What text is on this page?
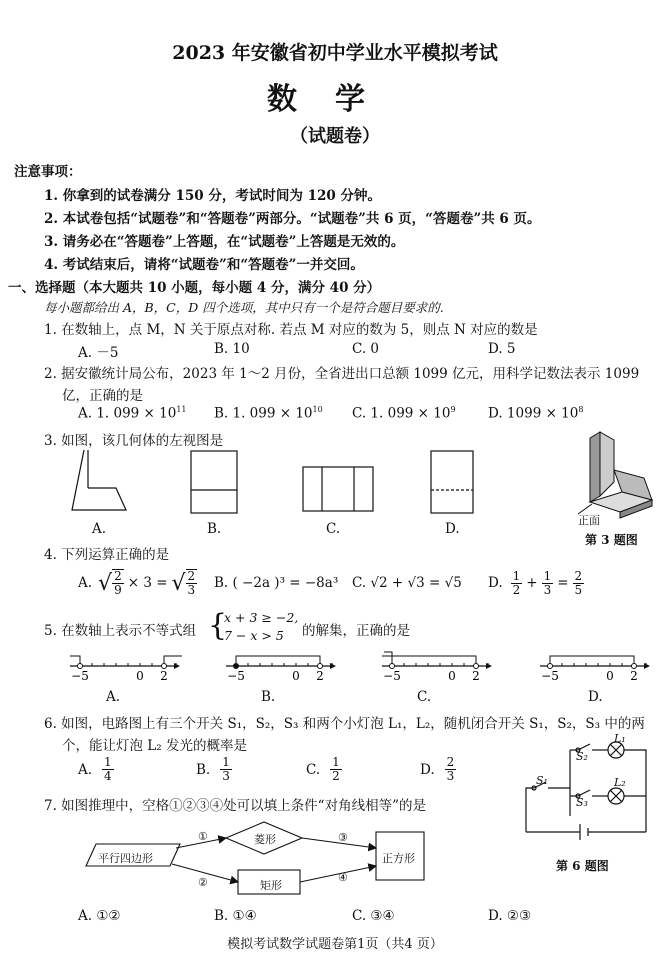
2023 年安徽省初中学业水平模拟考试
数学
（试题卷）
注意事项：
1. 你拿到的试卷满分 150 分，考试时间为 120 分钟。
2. 本试卷包括“试题卷”和“答题卷”两部分。“试题卷”共 6 页，“答题卷”共 6 页。
3. 请务必在“答题卷”上答题，在“试题卷”上答题是无效的。
4. 考试结束后，请将“试题卷”和“答题卷”一并交回。
一、选择题（本大题共 10 小题，每小题 4 分，满分 40 分）
每小题都给出 A，B，C，D 四个选项，其中只有一个是符合题目要求的.
1. 在数轴上，点 M，N 关于原点对称. 若点 M 对应的数为 5，则点 N 对应的数是
A. －5	B. 10	C. 0	D. 5
2. 据安徽统计局公布，2023 年 1～2 月份，全省进出口总额 1099 亿元，用科学记数法表示 1099
亿，正确的是
A. 1. $099 \times 10^{11}$ B. 1. $099 \times 10^{10}$ C. 1. $099 \times 10^9$ D. $1099 \times 10^8$
3. 如图，该几何体的左视图是
A.	B.	C.	D.
正面
第 3 题图
4. 下列运算正确的是
A. √ $\frac{2}{9} \times 3$ = √ $\frac{2}{3} B$. ( −2a )³ = −8a³ C. √2 + √3 = √5 D. $\frac{1}{2} + \frac{1}{3} = \frac{2}{5}$
5. 在数轴上表示不等式组 {
x + 3 ≥ −2,
7 − x > 5 的解集，正确的是
−5	0 2	−5	0 2	−5	0 2	−5	0 2
A.	B.	C.	D.
6. 如图，电路图上有三个开关 S₁，S₂，S₃ 和两个小灯泡 L₁，L₂，随机闭合开关 S₁，S₂，S₃ 中的两
个，能让灯泡 L₂ 发光的概率是
A. $\frac{1}{4}$	B. $\frac{1}{3}$	C. $\frac{1}{2}$	D. $\frac{2}{3}$	S₁
S₂
S₃
L₁
L₂
第 6 题图
7. 如图推理中，空格①②③④处可以填上条件“对角线相等”的是
平行四边形
菱形
矩形
正方形
①
②
③
④
A. ①②	B. ①④	C. ③④	D. ②③
模拟考试数学试题卷第1页（共4 页）
